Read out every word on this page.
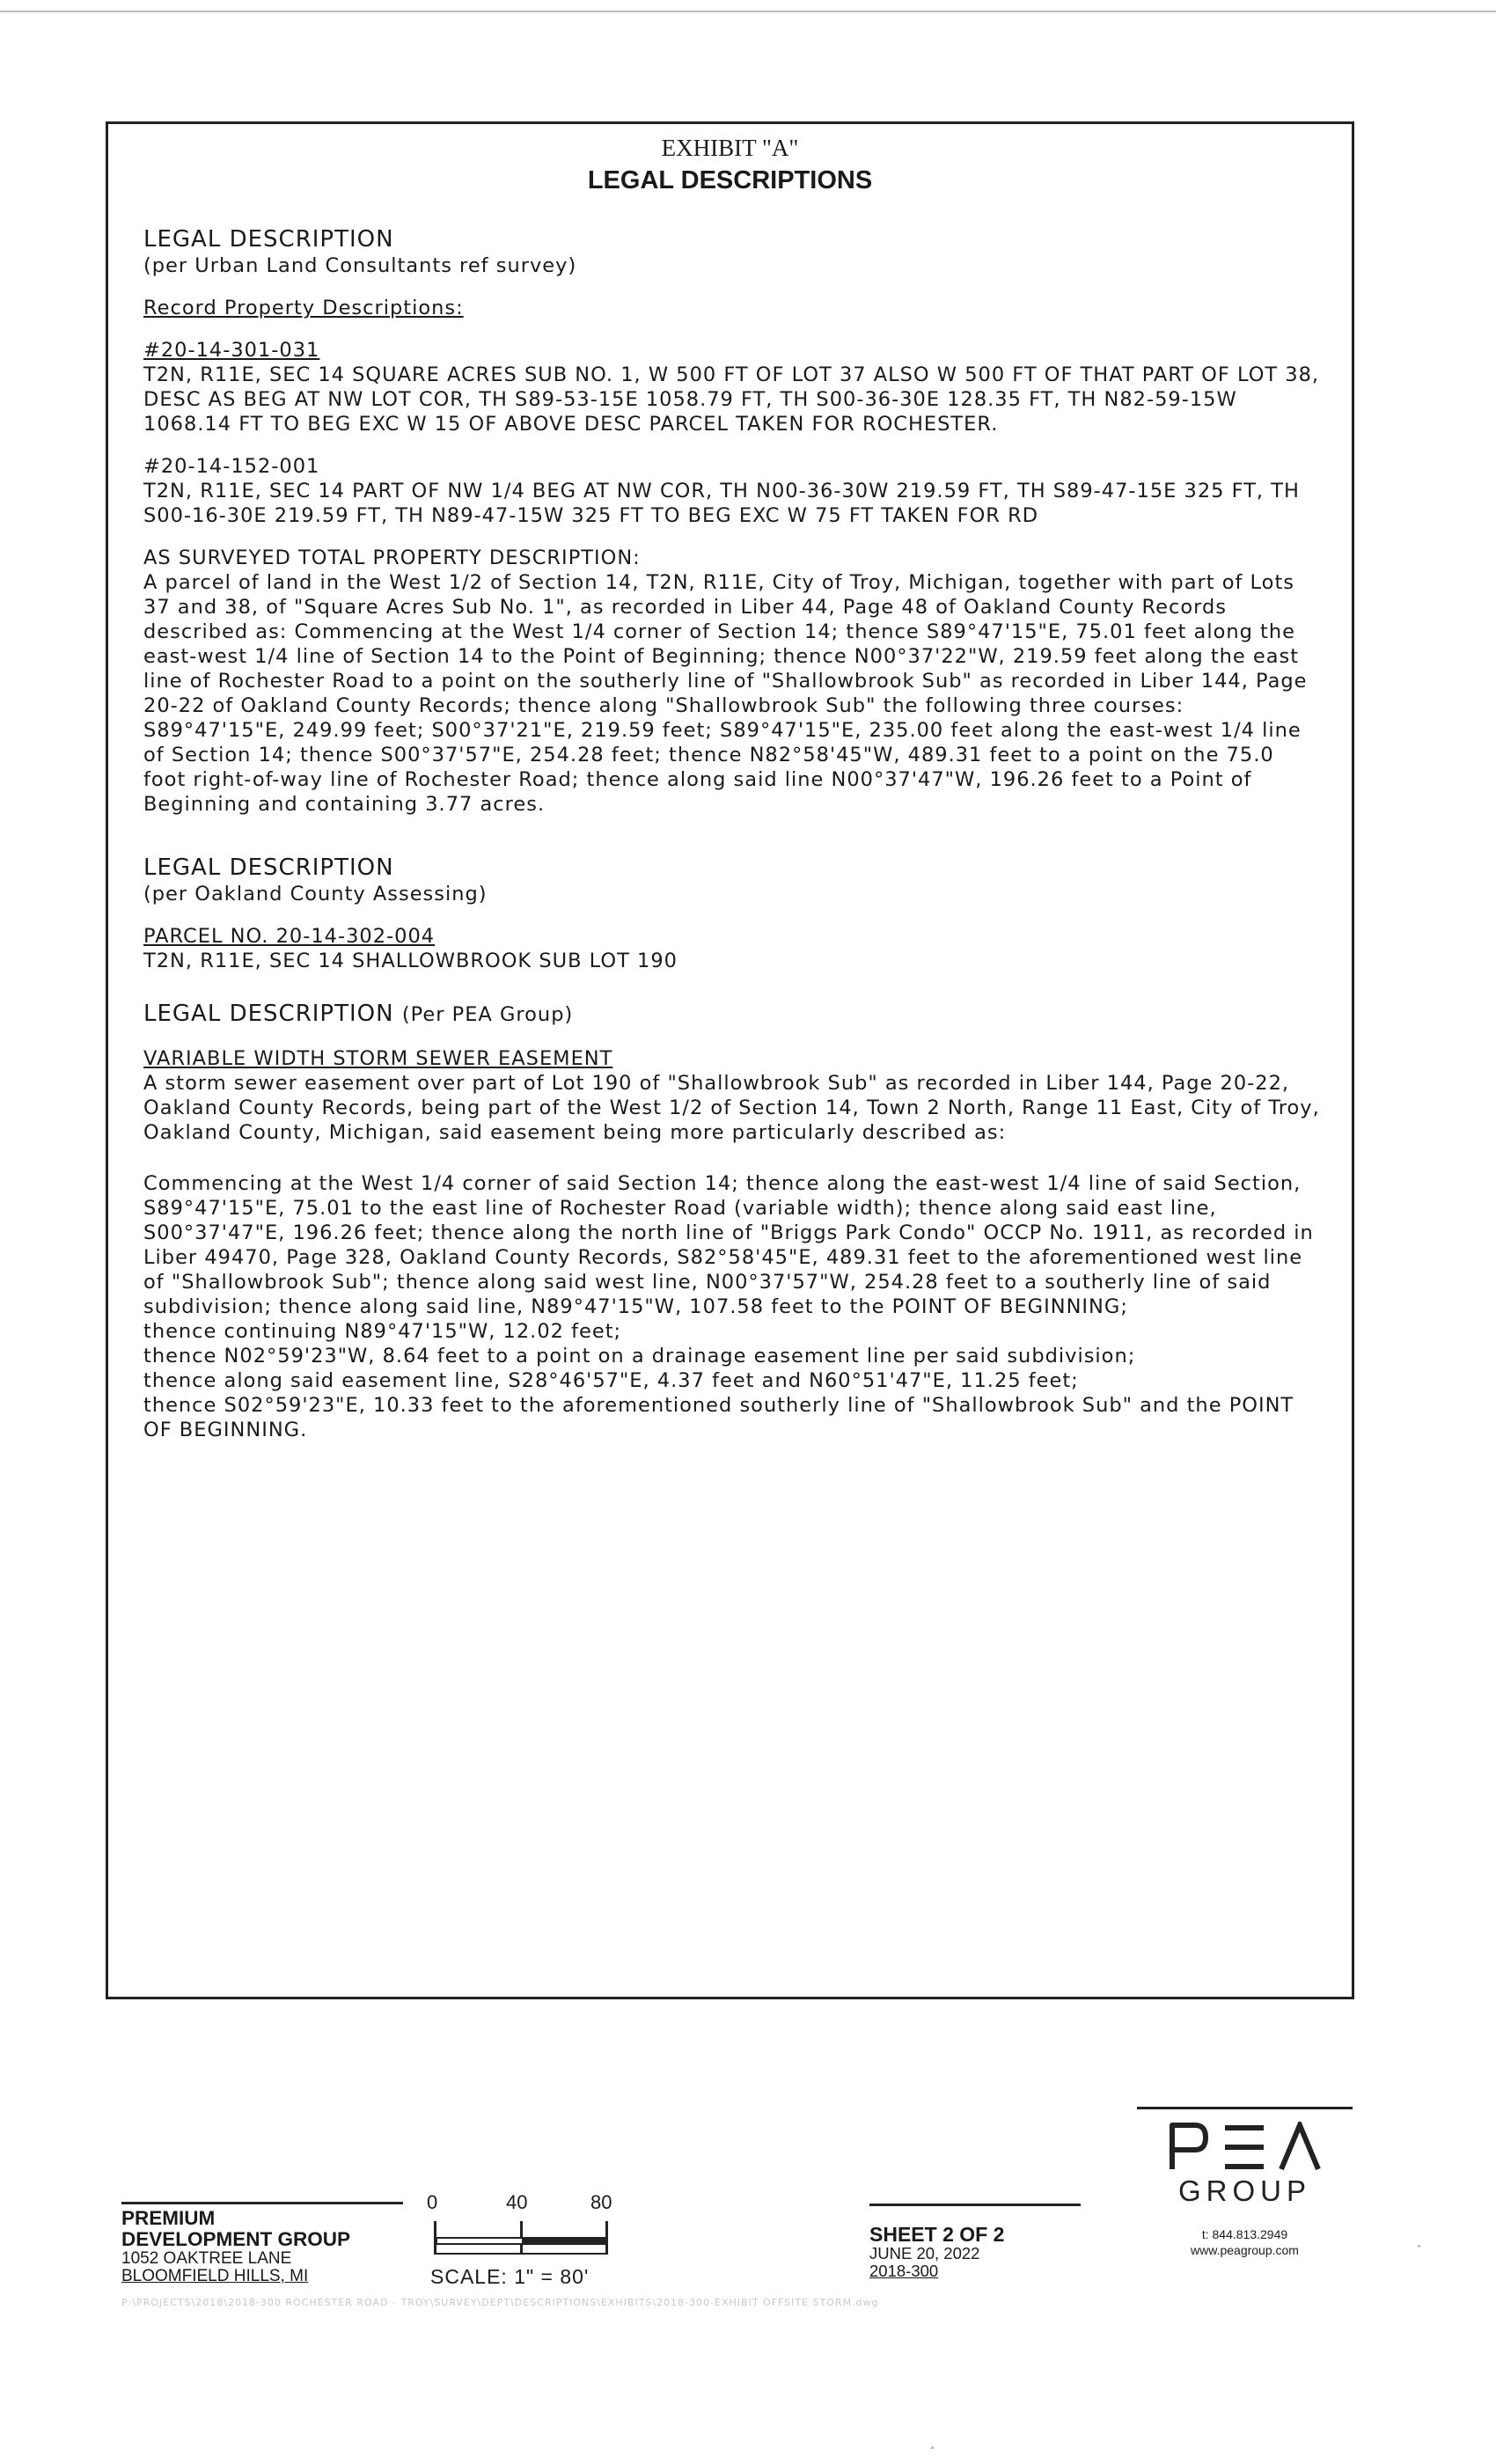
EXHIBIT "A"
LEGAL DESCRIPTIONS

LEGAL DESCRIPTION

(per Urban Land Consultants ref survey)

Record Property Descriptions:

#20-14-301-031

T2N, R11E, SEC 14 SQUARE ACRES SUB NO. 1, W 500 FT OF LOT 37 ALSO W 500 FT OF THAT PART OF LOT 38, DESC AS BEG AT NW LOT COR, TH S89-53-15E 1058.79 FT, TH S00-36-30E 128.35 FT, TH N82-59-15W 1068.14 FT TO BEG EXC W 15 OF ABOVE DESC PARCEL TAKEN FOR ROCHESTER.

#20-14-152-001

T2N, R11E, SEC 14 PART OF NW 1/4 BEG AT NW COR, TH N00-36-30W 219.59 FT, TH S89-47-15E 325 FT, TH S00-16-30E 219.59 FT, TH N89-47-15W 325 FT TO BEG EXC W 75 FT TAKEN FOR RD

AS SURVEYED TOTAL PROPERTY DESCRIPTION:

A parcel of land in the West 1/2 of Section 14, T2N, R11E, City of Troy, Michigan, together with part of Lots 37 and 38, of "Square Acres Sub No. 1", as recorded in Liber 44, Page 48 of Oakland County Records described as: Commencing at the West 1/4 corner of Section 14; thence S89°47'15"E, 75.01 feet along the east-west 1/4 line of Section 14 to the Point of Beginning; thence N00°37'22"W, 219.59 feet along the east line of Rochester Road to a point on the southerly line of "Shallowbrook Sub" as recorded in Liber 144, Page 20-22 of Oakland County Records; thence along "Shallowbrook Sub" the following three courses: S89°47'15"E, 249.99 feet; S00°37'21"E, 219.59 feet; S89°47'15"E, 235.00 feet along the east-west 1/4 line of Section 14; thence S00°37'57"E, 254.28 feet; thence N82°58'45"W, 489.31 feet to a point on the 75.0 foot right-of-way line of Rochester Road; thence along said line N00°37'47"W, 196.26 feet to a Point of Beginning and containing 3.77 acres.

LEGAL DESCRIPTION

(per Oakland County Assessing)

PARCEL NO. 20-14-302-004

T2N, R11E, SEC 14 SHALLOWBROOK SUB LOT 190

LEGAL DESCRIPTION (Per PEA Group)

VARIABLE WIDTH STORM SEWER EASEMENT

A storm sewer easement over part of Lot 190 of "Shallowbrook Sub" as recorded in Liber 144, Page 20-22, Oakland County Records, being part of the West 1/2 of Section 14, Town 2 North, Range 11 East, City of Troy, Oakland County, Michigan, said easement being more particularly described as:

Commencing at the West 1/4 corner of said Section 14; thence along the east-west 1/4 line of said Section, S89°47'15"E, 75.01 to the east line of Rochester Road (variable width); thence along said east line, S00°37'47"E, 196.26 feet; thence along the north line of "Briggs Park Condo" OCCP No. 1911, as recorded in Liber 49470, Page 328, Oakland County Records, S82°58'45"E, 489.31 feet to the aforementioned west line of "Shallowbrook Sub"; thence along said west line, N00°37'57"W, 254.28 feet to a southerly line of said subdivision; thence along said line, N89°47'15"W, 107.58 feet to the POINT OF BEGINNING;

thence continuing N89°47'15"W, 12.02 feet;

thence N02°59'23"W, 8.64 feet to a point on a drainage easement line per said subdivision;

thence along said easement line, S28°46'57"E, 4.37 feet and N60°51'47"E, 11.25 feet;

thence S02°59'23"E, 10.33 feet to the aforementioned southerly line of "Shallowbrook Sub" and the POINT OF BEGINNING.

PREMIUM
DEVELOPMENT GROUP
1052 OAKTREE LANE
BLOOMFIELD HILLS, MI
0	40	80
SCALE: 1" = 80'
SHEET 2 OF 2
JUNE 20, 2022
2018-300
GROUP
t: 844.813.2949
www.peagroup.com
P:\PROJECTS\2018\2018-300 ROCHESTER ROAD - TROY\SURVEY\DEPT\DESCRIPTIONS\EXHIBITS\2018-300-EXHIBIT OFFSITE STORM.dwg
·
